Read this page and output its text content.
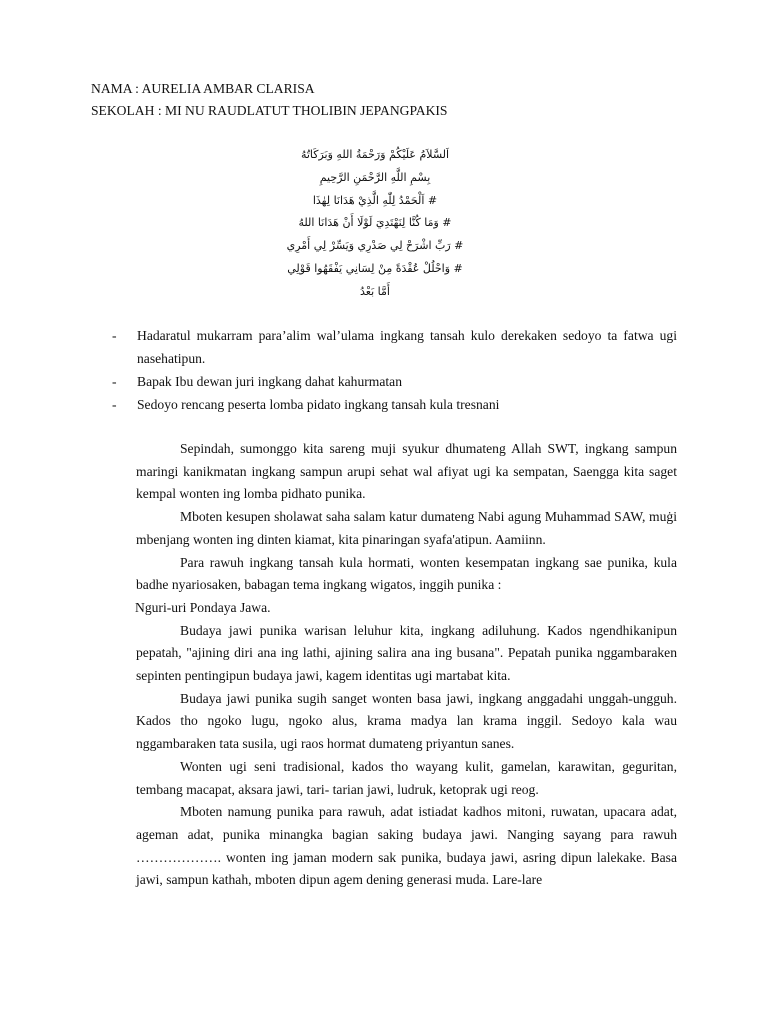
NAMA : AURELIA AMBAR CLARISA
SEKOLAH : MI NU RAUDLATUT THOLIBIN JEPANGPAKIS
اَلسَّلاَمُ عَلَيْكُمْ وَرَحْمَةُ اللهِ وَبَرَكَاتُهُ
بِسْمِ اللَّهِ الرَّحْمَنِ الرَّحِيمِ
# اَلْحَمْدُ لِلّٰهِ الَّذِيْ هَدَانَا لِهٰذَا
# وَمَا كُنَّا لِنَهْتَدِيَ لَوْلَا أَنْ هَدَانَا اللهُ
# رَبِّ اشْرَحْ لِي صَدْرِي وَيَسِّرْ لِي أَمْرِي
# وَاحْلُلْ عُقْدَةً مِنْ لِسَانِي يَفْقَهُوا قَوْلِي
أَمَّا بَعْدُ
- Hadaratul mukarram para’alim wal’ulama ingkang tansah kulo derekaken sedoyo ta fatwa ugi nasehatipun.
- Bapak Ibu dewan juri ingkang dahat kahurmatan
- Sedoyo rencang peserta lomba pidato ingkang tansah kula tresnani

Sepindah, sumonggo kita sareng muji syukur dhumateng Allah SWT, ingkang sampun maringi kanikmatan ingkang sampun arupi sehat wal afiyat ugi ka sempatan, Saengga kita saget kempal wonten ing lomba pidhato punika.

Mboten kesupen sholawat saha salam katur dumateng Nabi agung Muhammad SAW, muġi mbenjang wonten ing dinten kiamat, kita pinaringan syafa'atipun. Aamiinn.

Para rawuh ingkang tansah kula hormati, wonten kesempatan ingkang sae punika, kula badhe nyariosaken, babagan tema ingkang wigatos, inggih punika :

Nguri-uri Pondaya Jawa.

Budaya jawi punika warisan leluhur kita, ingkang adiluhung. Kados ngendhikanipun pepatah, "ajining diri ana ing lathi, ajining salira ana ing busana". Pepatah punika nggambaraken sepinten pentingipun budaya jawi, kagem identitas ugi martabat kita.

Budaya jawi punika sugih sanget wonten basa jawi, ingkang anggadahi unggah-ungguh. Kados tho ngoko lugu, ngoko alus, krama madya lan krama inggil. Sedoyo kala wau nggambaraken tata susila, ugi raos hormat dumateng priyantun sanes.

Wonten ugi seni tradisional, kados tho wayang kulit, gamelan, karawitan, geguritan, tembang macapat, aksara jawi, tari- tarian jawi, ludruk, ketoprak ugi reog.

Mboten namung punika para rawuh, adat istiadat kadhos mitoni, ruwatan, upacara adat, ageman adat, punika minangka bagian saking budaya jawi. Nanging sayang para rawuh ………………. wonten ing jaman modern sak punika, budaya jawi, asring dipun lalekake. Basa jawi, sampun kathah, mboten dipun agem dening generasi muda. Lare-lare
